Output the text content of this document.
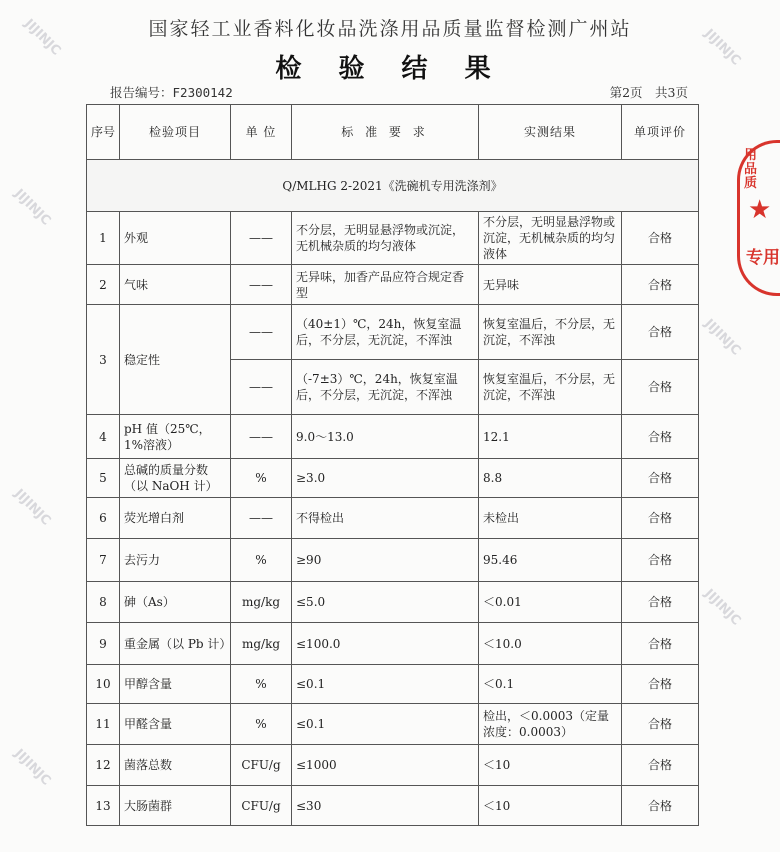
JIJINJC	JIJINJC
JIJINJC
JIJINJC
JIJINJC
JIJINJC
JIJINJC
国家轻工业香料化妆品洗涤用品质量监督检测广州站
检 验 结 果
报告编号：F2300142	第2页　共3页
用品质
★
专用
序号	检验项目	单 位	标 准 要 求	实测结果	单项评价
Q/MLHG 2-2021《洗碗机专用洗涤剂》					
1	外观	——	不分层，无明显悬浮物或沉淀，无机械杂质的均匀液体	不分层，无明显悬浮物或沉淀，无机械杂质的均匀液体	合格
2	气味	——	无异味，加香产品应符合规定香型	无异味	合格
3	稳定性	——	（40±1）℃，24h，恢复室温后，不分层，无沉淀，不浑浊	恢复室温后，不分层，无沉淀，不浑浊	合格
		——	（-7±3）℃，24h，恢复室温后，不分层，无沉淀，不浑浊	恢复室温后，不分层，无沉淀，不浑浊	合格
4	pH 值（25℃，1%溶液）	——	9.0～13.0	12.1	合格
5	总碱的质量分数（以 NaOH 计）	%	≥3.0	8.8	合格
6	荧光增白剂	——	不得检出	未检出	合格
7	去污力	%	≥90	95.46	合格
8	砷（As）	mg/kg	≤5.0	＜0.01	合格
9	重金属（以 Pb 计）	mg/kg	≤100.0	＜10.0	合格
10	甲醇含量	%	≤0.1	＜0.1	合格
11	甲醛含量	%	≤0.1	检出，＜0.0003（定量浓度：0.0003）	合格
12	菌落总数	CFU/g	≤1000	＜10	合格
13	大肠菌群	CFU/g	≤30	＜10	合格
